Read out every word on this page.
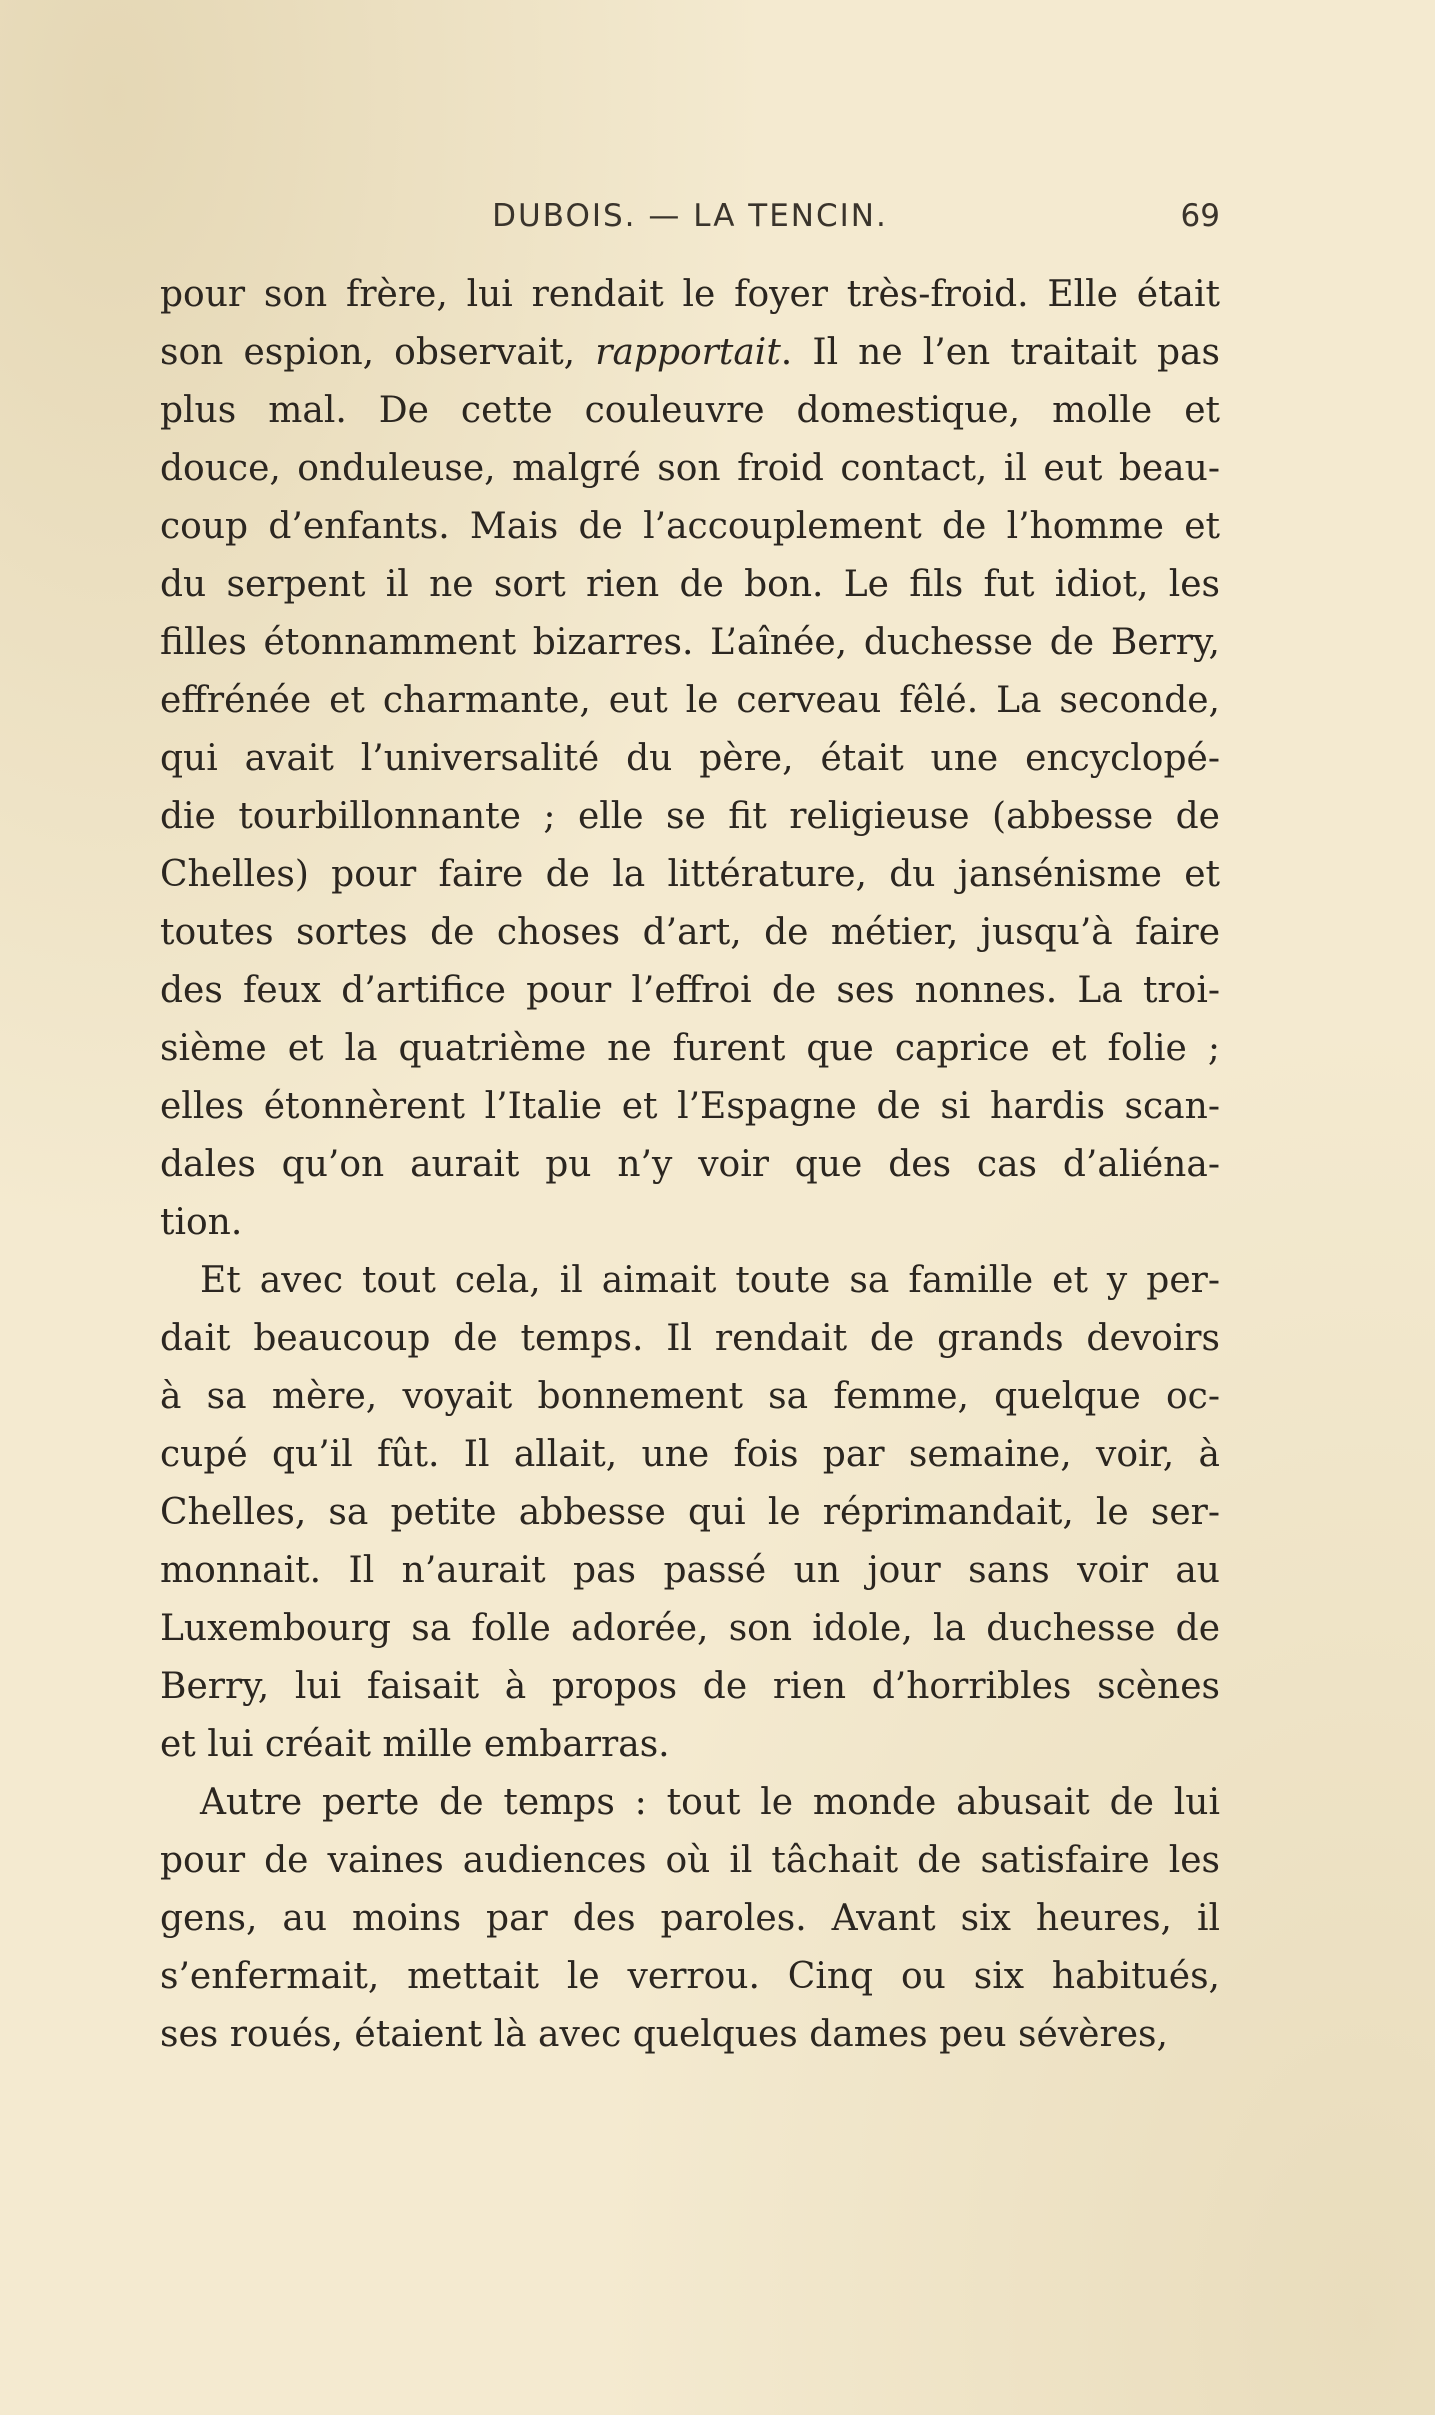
DUBOIS. — LA TENCIN.	69
pour son frère, lui rendait le foyer très-froid. Elle était
son espion, observait, rapportait. Il ne l’en traitait pas
plus mal. De cette couleuvre domestique, molle et
douce, onduleuse, malgré son froid contact, il eut beau-
coup d’enfants. Mais de l’accouplement de l’homme et
du serpent il ne sort rien de bon. Le fils fut idiot, les
filles étonnamment bizarres. L’aînée, duchesse de Berry,
effrénée et charmante, eut le cerveau fêlé. La seconde,
qui avait l’universalité du père, était une encyclopé-
die tourbillonnante ; elle se fit religieuse (abbesse de
Chelles) pour faire de la littérature, du jansénisme et
toutes sortes de choses d’art, de métier, jusqu’à faire
des feux d’artifice pour l’effroi de ses nonnes. La troi-
sième et la quatrième ne furent que caprice et folie ;
elles étonnèrent l’Italie et l’Espagne de si hardis scan-
dales qu’on aurait pu n’y voir que des cas d’aliéna-
tion.
Et avec tout cela, il aimait toute sa famille et y per-
dait beaucoup de temps. Il rendait de grands devoirs
à sa mère, voyait bonnement sa femme, quelque oc-
cupé qu’il fût. Il allait, une fois par semaine, voir, à
Chelles, sa petite abbesse qui le réprimandait, le ser-
monnait. Il n’aurait pas passé un jour sans voir au
Luxembourg sa folle adorée, son idole, la duchesse de
Berry, lui faisait à propos de rien d’horribles scènes
et lui créait mille embarras.
Autre perte de temps : tout le monde abusait de lui
pour de vaines audiences où il tâchait de satisfaire les
gens, au moins par des paroles. Avant six heures, il
s’enfermait, mettait le verrou. Cinq ou six habitués,
ses roués, étaient là avec quelques dames peu sévères,
